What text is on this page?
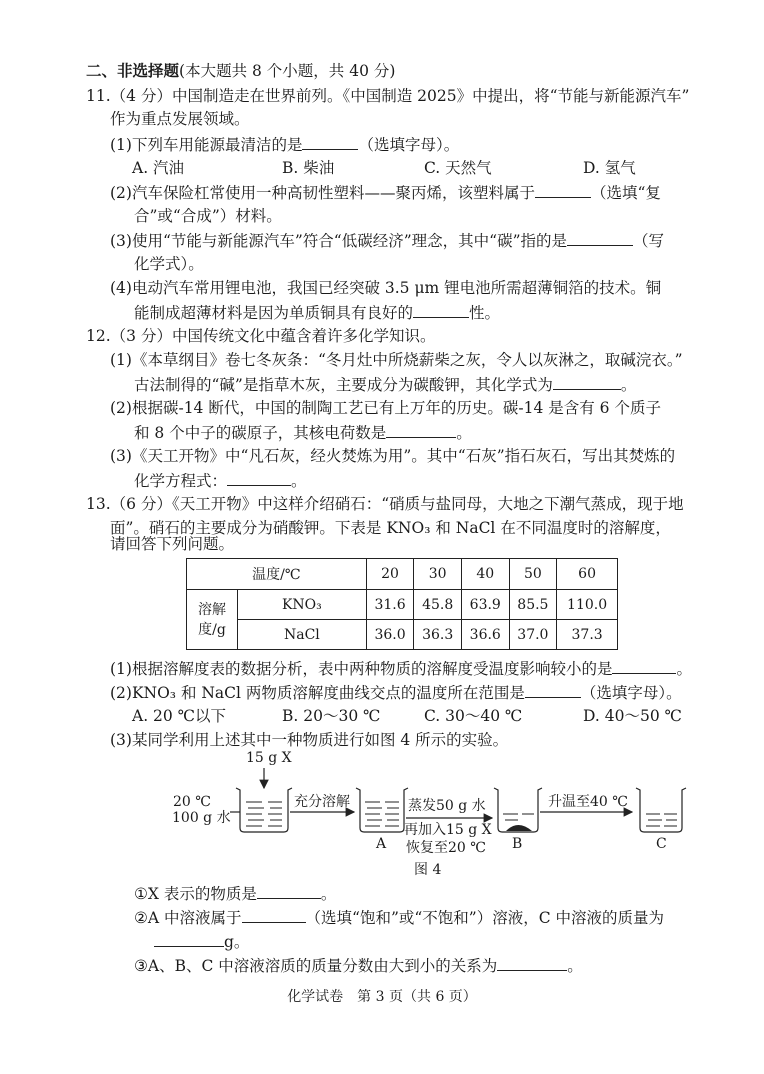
二、非选择题(本大题共 8 个小题，共 40 分)
11.（4 分）中国制造走在世界前列。《中国制造 2025》中提出，将“节能与新能源汽车”
作为重点发展领域。
(1)下列车用能源最清洁的是	（选填字母）。
A. 汽油	B. 柴油	C. 天然气	D. 氢气
(2)汽车保险杠常使用一种高韧性塑料——聚丙烯，该塑料属于	（选填“复
合”或“合成”）材料。
(3)使用“节能与新能源汽车”符合“低碳经济”理念，其中“碳”指的是	（写
化学式）。
(4)电动汽车常用锂电池，我国已经突破 3.5 μm 锂电池所需超薄铜箔的技术。铜
能制成超薄材料是因为单质铜具有良好的	性。
12.（3 分）中国传统文化中蕴含着许多化学知识。
(1)《本草纲目》卷七冬灰条：“冬月灶中所烧薪柴之灰，令人以灰淋之，取碱浣衣。”
古法制得的“碱”是指草木灰，主要成分为碳酸钾，其化学式为	。
(2)根据碳-14 断代，中国的制陶工艺已有上万年的历史。碳-14 是含有 6 个质子
和 8 个中子的碳原子，其核电荷数是	。
(3)《天工开物》中“凡石灰，经火焚炼为用”。其中“石灰”指石灰石，写出其焚炼的
化学方程式：	。
13.（6 分）《天工开物》中这样介绍硝石：“硝质与盐同母，大地之下潮气蒸成，现于地
面”。硝石的主要成分为硝酸钾。下表是 KNO₃ 和 NaCl 在不同温度时的溶解度，
请回答下列问题。
温度/℃		20	30	40	50	60
溶解
度/g	KNO₃	31.6	45.8	63.9	85.5	110.0
	NaCl	36.0	36.3	36.6	37.0	37.3
(1)根据溶解度表的数据分析，表中两种物质的溶解度受温度影响较小的是	。
(2)KNO₃ 和 NaCl 两物质溶解度曲线交点的温度所在范围是	（选填字母）。
A. 20 ℃以下	B. 20～30 ℃	C. 30～40 ℃	D. 40～50 ℃
(3)某同学利用上述其中一种物质进行如图 4 所示的实验。
15 g X
20 ℃
100 g 水
充分溶解	蒸发50 g 水
再加入15 g X
恢复至20 ℃
升温至40 ℃
A	B	C
图 4
①X 表示的物质是	。
②A 中溶液属于	（选填“饱和”或“不饱和”）溶液，C 中溶液的质量为
g。
③A、B、C 中溶液溶质的质量分数由大到小的关系为	。
化学试卷　第 3 页（共 6 页）
